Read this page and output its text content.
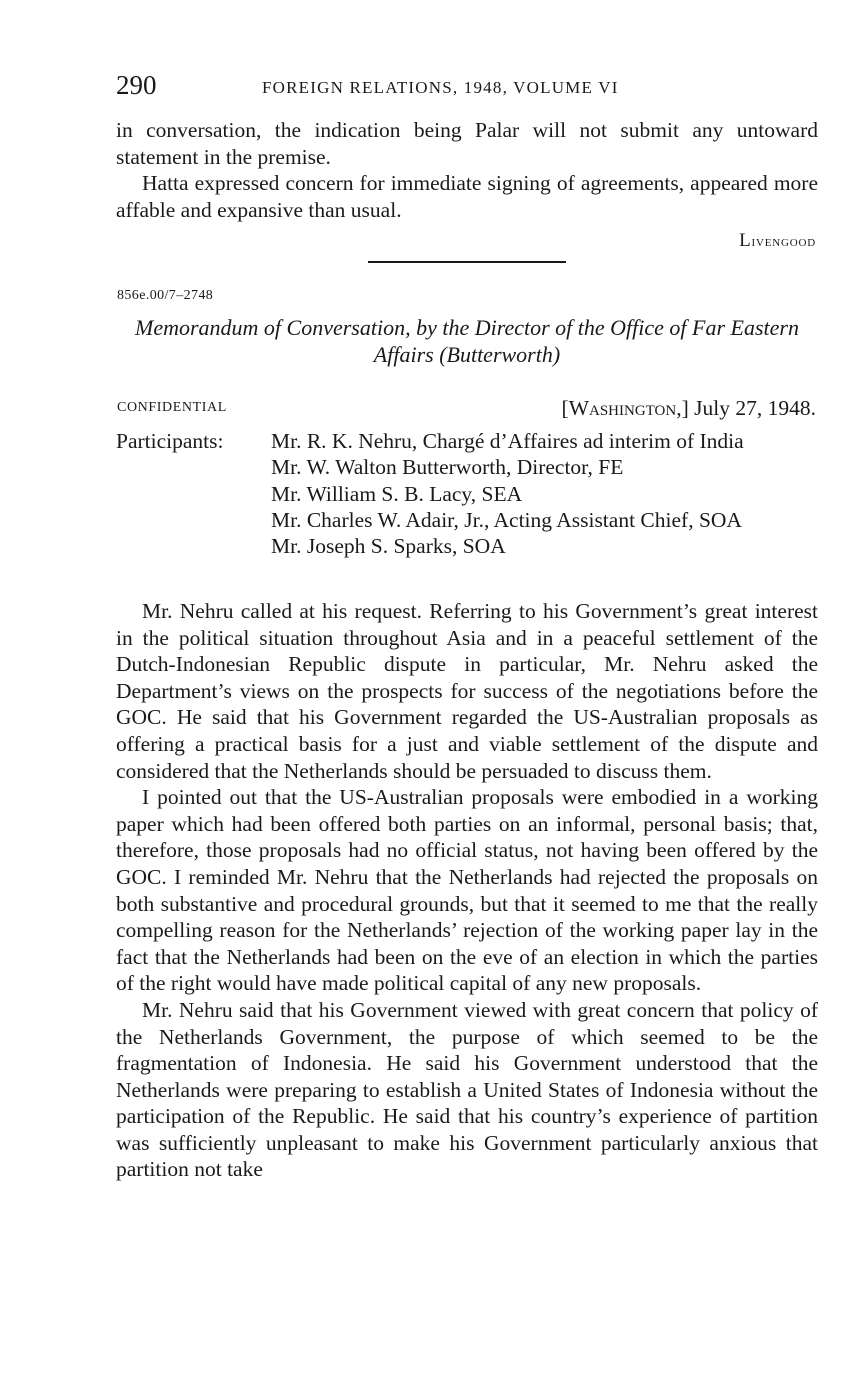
290	FOREIGN RELATIONS, 1948, VOLUME VI

in conversation, the indication being Palar will not submit any untoward statement in the premise.

Hatta expressed concern for immediate signing of agreements, appeared more affable and expansive than usual.

Livengood
856e.00/7–2748
Memorandum of Conversation, by the Director of the Office of Far Eastern Affairs (Butterworth)
CONFIDENTIAL	[Washington,] July 27, 1948.
Participants: Mr. R. K. Nehru, Chargé d’Affaires ad interim of India
Mr. W. Walton Butterworth, Director, FE
Mr. William S. B. Lacy, SEA
Mr. Charles W. Adair, Jr., Acting Assistant Chief, SOA
Mr. Joseph S. Sparks, SOA

Mr. Nehru called at his request. Referring to his Government’s great interest in the political situation throughout Asia and in a peaceful settlement of the Dutch-Indonesian Republic dispute in particular, Mr. Nehru asked the Department’s views on the prospects for success of the negotiations before the GOC. He said that his Government regarded the US-Australian proposals as offering a practical basis for a just and viable settlement of the dispute and considered that the Netherlands should be persuaded to discuss them.

I pointed out that the US-Australian proposals were embodied in a working paper which had been offered both parties on an informal, personal basis; that, therefore, those proposals had no official status, not having been offered by the GOC. I reminded Mr. Nehru that the Netherlands had rejected the proposals on both substantive and procedural grounds, but that it seemed to me that the really compelling reason for the Netherlands’ rejection of the working paper lay in the fact that the Netherlands had been on the eve of an election in which the parties of the right would have made political capital of any new proposals.

Mr. Nehru said that his Government viewed with great concern that policy of the Netherlands Government, the purpose of which seemed to be the fragmentation of Indonesia. He said his Government understood that the Netherlands were preparing to establish a United States of Indonesia without the participation of the Republic. He said that his country’s experience of partition was sufficiently unpleasant to make his Government particularly anxious that partition not take
